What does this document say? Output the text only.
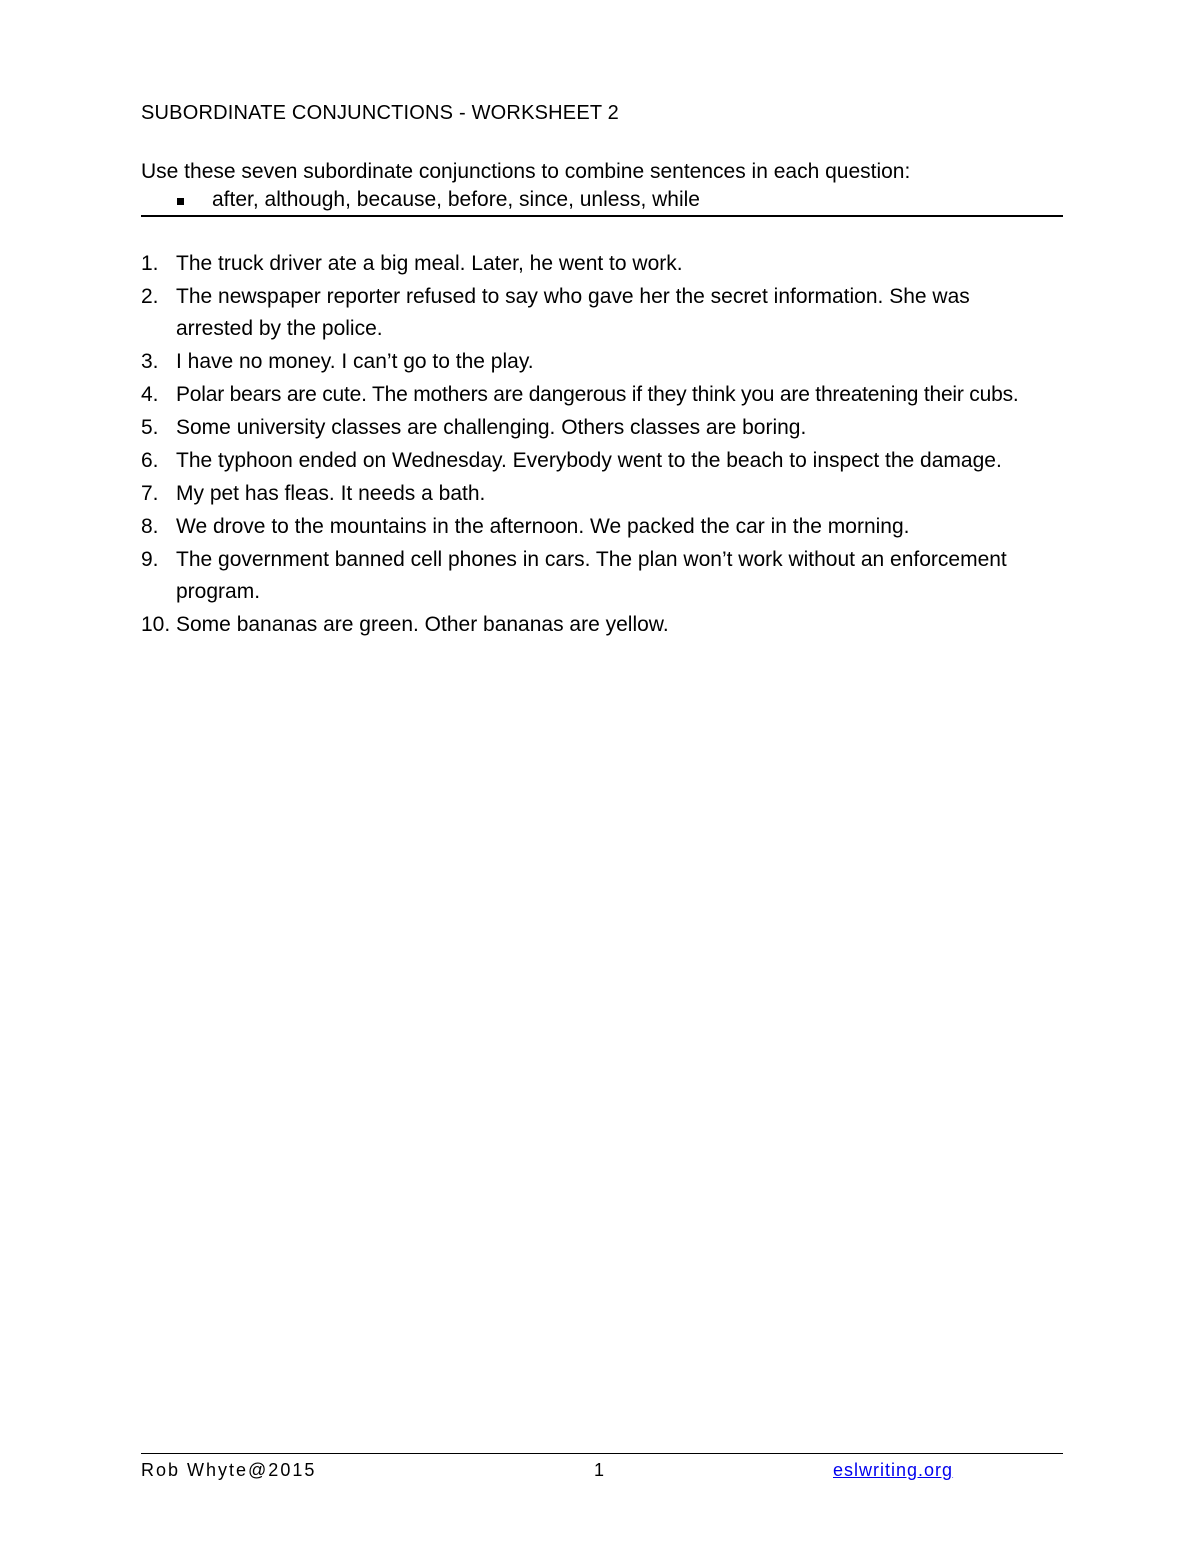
SUBORDINATE CONJUNCTIONS - WORKSHEET 2
Use these seven subordinate conjunctions to combine sentences in each question:
after, although, because, before, since, unless, while
1. The truck driver ate a big meal. Later, he went to work.
2. The newspaper reporter refused to say who gave her the secret information. She was arrested by the police.
3. I have no money. I can’t go to the play.
4. Polar bears are cute. The mothers are dangerous if they think you are threatening their cubs.
5. Some university classes are challenging. Others classes are boring.
6. The typhoon ended on Wednesday. Everybody went to the beach to inspect the damage.
7. My pet has fleas. It needs a bath.
8. We drove to the mountains in the afternoon. We packed the car in the morning.
9. The government banned cell phones in cars. The plan won’t work without an enforcement program.
10. Some bananas are green. Other bananas are yellow.
Rob Whyte@2015	1	eslwriting.org
